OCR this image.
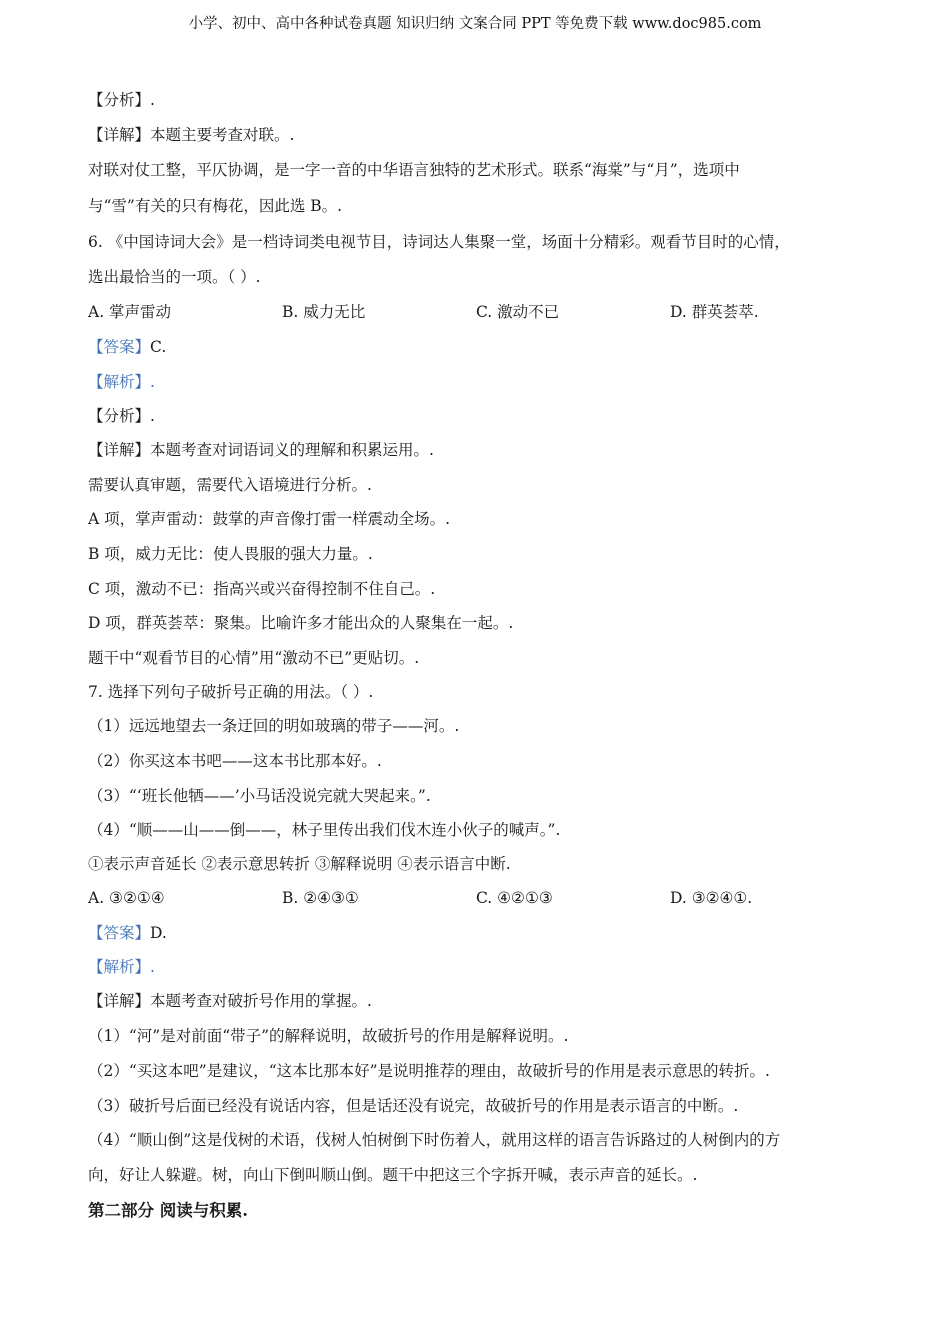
小学、初中、高中各种试卷真题 知识归纳 文案合同 PPT 等免费下载 www.doc985.com
【分析】.
【详解】本题主要考查对联。.
对联对仗工整，平仄协调，是一字一音的中华语言独特的艺术形式。联系“海棠”与“月”，选项中
与“雪”有关的只有梅花，因此选 B。.
6. 《中国诗词大会》是一档诗词类电视节目，诗词达人集聚一堂，场面十分精彩。观看节目时的心情，
选出最恰当的一项。（ ）.
A. 掌声雷动	B. 威力无比	C. 激动不已	D. 群英荟萃.
【答案】C.
【解析】.
【分析】.
【详解】本题考查对词语词义的理解和积累运用。.
需要认真审题，需要代入语境进行分析。.
A 项，掌声雷动：鼓掌的声音像打雷一样震动全场。.
B 项，威力无比：使人畏服的强大力量。.
C 项，激动不已：指高兴或兴奋得控制不住自己。.
D 项，群英荟萃：聚集。比喻许多才能出众的人聚集在一起。.
题干中“观看节目的心情”用“激动不已”更贴切。.
7. 选择下列句子破折号正确的用法。（ ）.
（1）远远地望去一条迂回的明如玻璃的带子——河。.
（2）你买这本书吧——这本书比那本好。.
（3）“‘班长他牺——’小马话没说完就大哭起来。”.
（4）“顺——山——倒——，林子里传出我们伐木连小伙子的喊声。”.
①表示声音延长 ②表示意思转折 ③解释说明 ④表示语言中断.
A. ③②①④	B. ②④③①	C. ④②①③	D. ③②④①.
【答案】D.
【解析】.
【详解】本题考查对破折号作用的掌握。.
（1）“河”是对前面“带子”的解释说明，故破折号的作用是解释说明。.
（2）“买这本吧”是建议，“这本比那本好”是说明推荐的理由，故破折号的作用是表示意思的转折。.
（3）破折号后面已经没有说话内容，但是话还没有说完，故破折号的作用是表示语言的中断。.
（4）“顺山倒”这是伐树的术语，伐树人怕树倒下时伤着人，就用这样的语言告诉路过的人树倒内的方
向，好让人躲避。树，向山下倒叫顺山倒。题干中把这三个字拆开喊，表示声音的延长。.
第二部分 阅读与积累.
